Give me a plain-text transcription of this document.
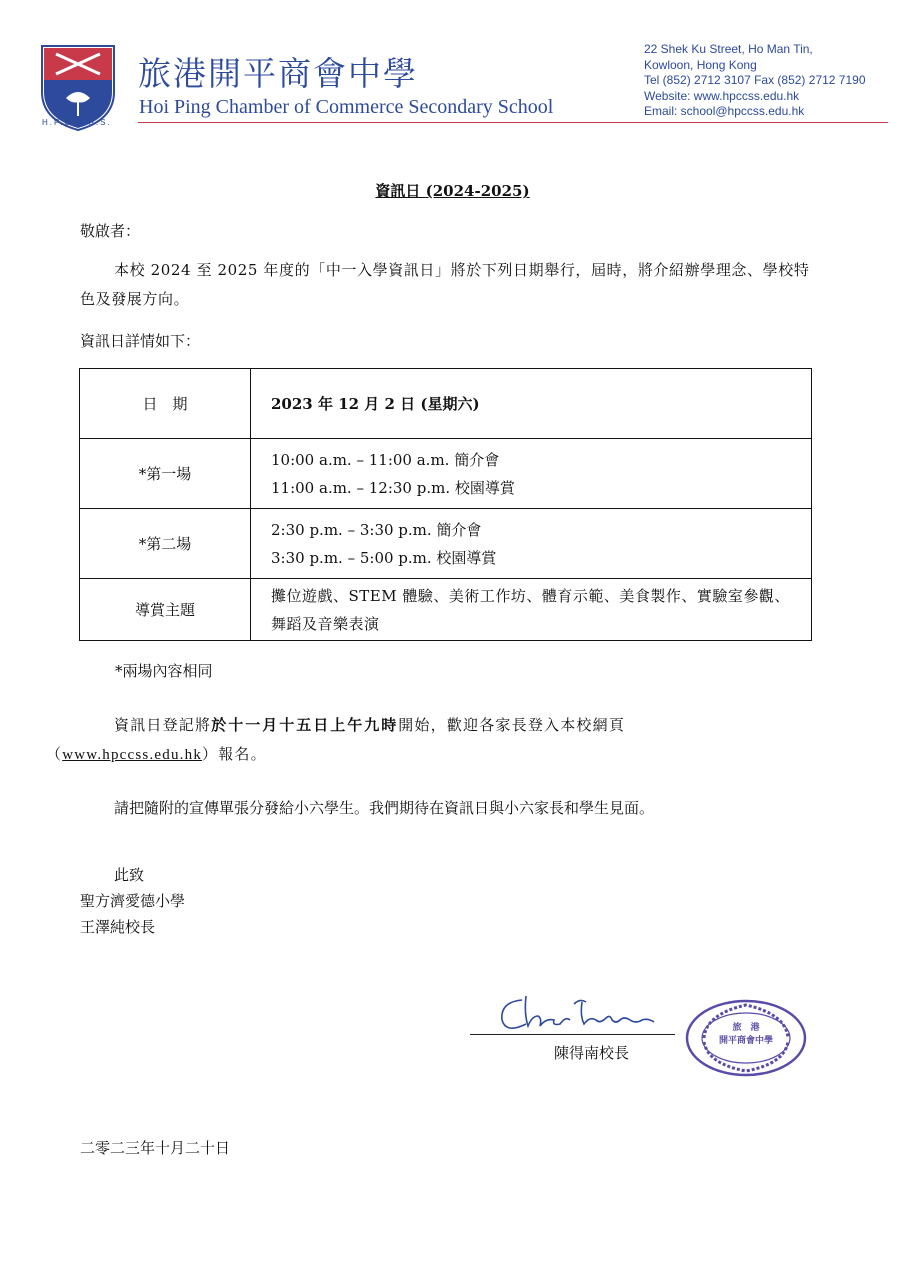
H.P.C.C.S.S.
旅港開平商會中學
Hoi Ping Chamber of Commerce Secondary School
22 Shek Ku Street, Ho Man Tin,
Kowloon, Hong Kong
Tel (852) 2712 3107 Fax (852) 2712 7190
Website: www.hpccss.edu.hk
Email: school@hpccss.edu.hk
資訊日 (2024-2025)
敬啟者：
本校 2024 至 2025 年度的「中一入學資訊日」將於下列日期舉行，屆時，將介紹辦學理念、學校特色及發展方向。
資訊日詳情如下：
日　期	2023 年 12 月 2 日 (星期六)
*第一場	10:00 a.m. – 11:00 a.m. 簡介會
11:00 a.m. – 12:30 p.m. 校園導賞

*第二場	2:30 p.m. – 3:30 p.m. 簡介會
3:30 p.m. – 5:00 p.m. 校園導賞

導賞主題	攤位遊戲、STEM 體驗、美術工作坊、體育示範、美食製作、實驗室參觀、舞蹈及音樂表演
*兩場內容相同
資訊日登記將於十一月十五日上午九時開始，歡迎各家長登入本校網頁
（www.hpccss.edu.hk）報名。
請把隨附的宣傳單張分發給小六學生。我們期待在資訊日與小六家長和學生見面。
此致
聖方濟愛德小學
王澤純校長
陳得南校長
旅　港
開平商會中學
二零二三年十月二十日
